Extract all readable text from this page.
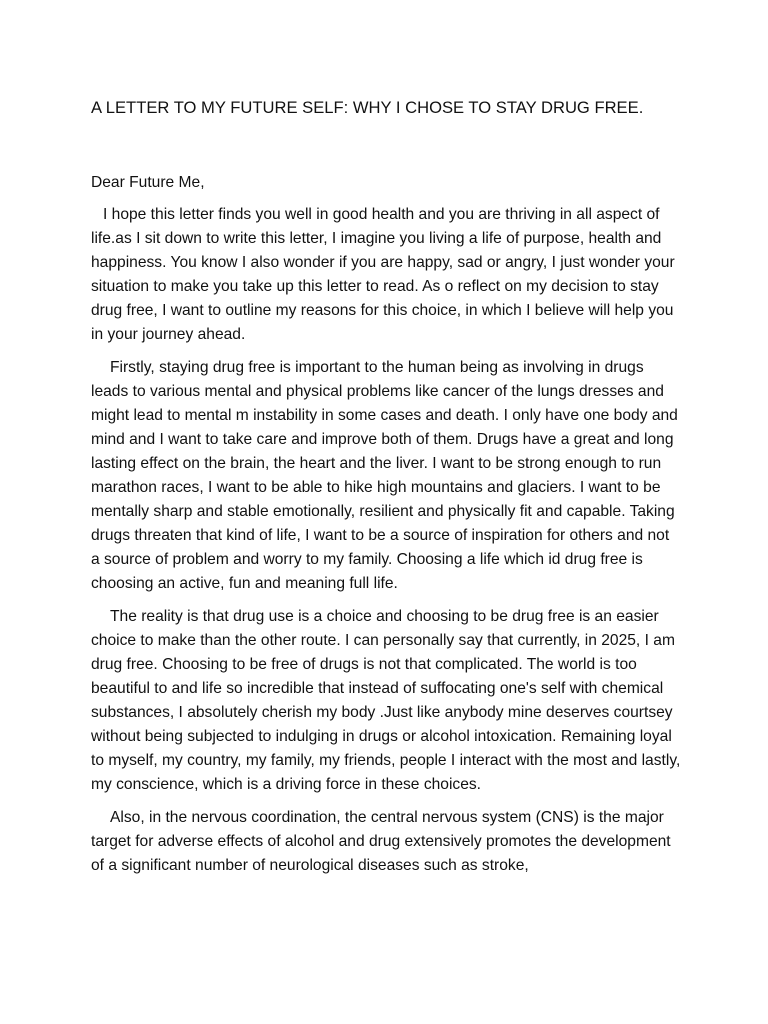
A LETTER TO MY FUTURE SELF: WHY I CHOSE TO STAY DRUG FREE.

Dear Future Me,

I hope this letter finds you well in good health and you are thriving in all aspect of life.as I sit down to write this letter, I imagine you living a life of purpose, health and happiness. You know I also wonder if you are happy, sad or angry, I just wonder your situation to make you take up this letter to read. As o reflect on my decision to stay drug free, I want to outline my reasons for this choice, in which I believe will help you in your journey ahead.

Firstly, staying drug free is important to the human being as involving in drugs leads to various mental and physical problems like cancer of the lungs dresses and might lead to mental m instability in some cases and death. I only have one body and mind and I want to take care and improve both of them. Drugs have a great and long lasting effect on the brain, the heart and the liver. I want to be strong enough to run marathon races, I want to be able to hike high mountains and glaciers. I want to be mentally sharp and stable emotionally, resilient and physically fit and capable. Taking drugs threaten that kind of life, I want to be a source of inspiration for others and not a source of problem and worry to my family. Choosing a life which id drug free is choosing an active, fun and meaning full life.

The reality is that drug use is a choice and choosing to be drug free is an easier choice to make than the other route. I can personally say that currently, in 2025, I am drug free. Choosing to be free of drugs is not that complicated. The world is too beautiful to and life so incredible that instead of suffocating one's self with chemical substances, I absolutely cherish my body .Just like anybody mine deserves courtsey without being subjected to indulging in drugs or alcohol intoxication. Remaining loyal to myself, my country, my family, my friends, people I interact with the most and lastly, my conscience, which is a driving force in these choices.

Also, in the nervous coordination, the central nervous system (CNS) is the major target for adverse effects of alcohol and drug extensively promotes the development of a significant number of neurological diseases such as stroke,
